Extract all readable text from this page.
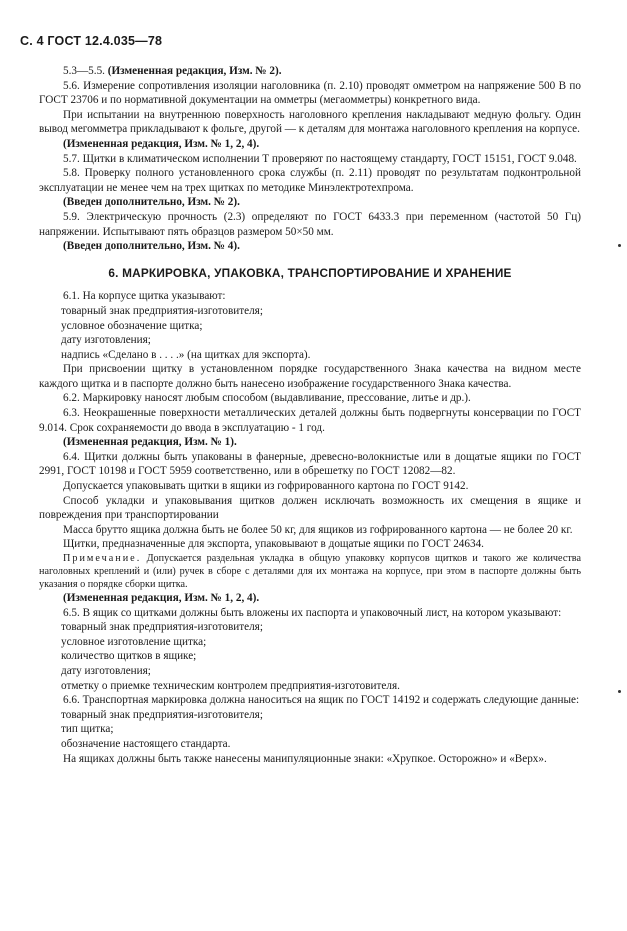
С. 4 ГОСТ 12.4.035—78

5.3—5.5. (Измененная редакция, Изм. № 2).

5.6. Измерение сопротивления изоляции наголовника (п. 2.10) проводят омметром на напряжение 500 В по ГОСТ 23706 и по нормативной документации на омметры (мегаомметры) конкретного вида.

При испытании на внутреннюю поверхность наголовного крепления накладывают медную фольгу. Один вывод мегомметра прикладывают к фольге, другой — к деталям для монтажа наголовного крепления на корпусе.

(Измененная редакция, Изм. № 1, 2, 4).

5.7. Щитки в климатическом исполнении Т проверяют по настоящему стандарту, ГОСТ 15151, ГОСТ 9.048.

5.8. Проверку полного установленного срока службы (п. 2.11) проводят по результатам подконтрольной эксплуатации не менее чем на трех щитках по методике Минэлектротехпрома.

(Введен дополнительно, Изм. № 2).

5.9. Электрическую прочность (2.3) определяют по ГОСТ 6433.3 при переменном (частотой 50 Гц) напряжении. Испытывают пять образцов размером 50×50 мм.

(Введен дополнительно, Изм. № 4).

6. МАРКИРОВКА, УПАКОВКА, ТРАНСПОРТИРОВАНИЕ И ХРАНЕНИЕ

6.1. На корпусе щитка указывают:

товарный знак предприятия-изготовителя;

условное обозначение щитка;

дату изготовления;

надпись «Сделано в . . . .» (на щитках для экспорта).

При присвоении щитку в установленном порядке государственного Знака качества на видном месте каждого щитка и в паспорте должно быть нанесено изображение государственного Знака качества.

6.2. Маркировку наносят любым способом (выдавливание, прессование, литье и др.).

6.3. Неокрашенные поверхности металлических деталей должны быть подвергнуты консервации по ГОСТ 9.014. Срок сохраняемости до ввода в эксплуатацию - 1 год.

(Измененная редакция, Изм. № 1).

6.4. Щитки должны быть упакованы в фанерные, древесно-волокнистые или в дощатые ящики по ГОСТ 2991, ГОСТ 10198 и ГОСТ 5959 соответственно, или в обрешетку по ГОСТ 12082—82.

Допускается упаковывать щитки в ящики из гофрированного картона по ГОСТ 9142.

Способ укладки и упаковывания щитков должен исключать возможность их смещения в ящике и повреждения при транспортировании

Масса брутто ящика должна быть не более 50 кг, для ящиков из гофрированного картона — не более 20 кг.

Щитки, предназначенные для экспорта, упаковывают в дощатые ящики по ГОСТ 24634.

Примечание. Допускается раздельная укладка в общую упаковку корпусов щитков и такого же количества наголовных креплений и (или) ручек в сборе с деталями для их монтажа на корпусе, при этом в паспорте должны быть указания о порядке сборки щитка.

(Измененная редакция, Изм. № 1, 2, 4).

6.5. В ящик со щитками должны быть вложены их паспорта и упаковочный лист, на котором указывают:

товарный знак предприятия-изготовителя;

условное изготовление щитка;

количество щитков в ящике;

дату изготовления;

отметку о приемке техническим контролем предприятия-изготовителя.

6.6. Транспортная маркировка должна наноситься на ящик по ГОСТ 14192 и содержать следующие данные:

товарный знак предприятия-изготовителя;

тип щитка;

обозначение настоящего стандарта.

На ящиках должны быть также нанесены манипуляционные знаки: «Хрупкое. Осторожно» и «Верх».
